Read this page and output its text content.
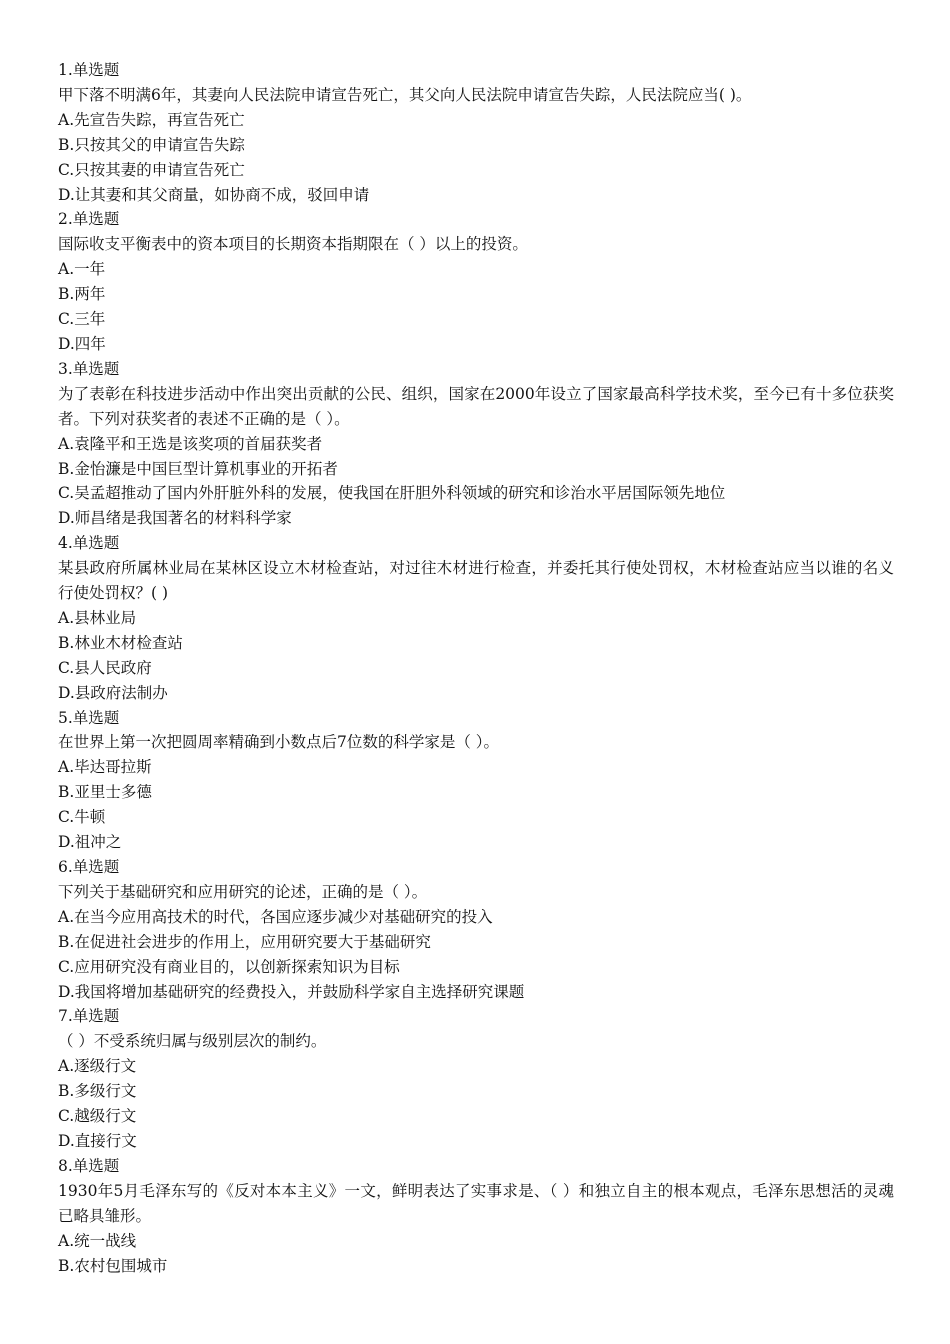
1.单选题

甲下落不明满6年，其妻向人民法院申请宣告死亡，其父向人民法院申请宣告失踪，人民法院应当( )。

A.先宣告失踪，再宣告死亡

B.只按其父的申请宣告失踪

C.只按其妻的申请宣告死亡

D.让其妻和其父商量，如协商不成，驳回申请

2.单选题

国际收支平衡表中的资本项目的长期资本指期限在（ ）以上的投资。

A.一年

B.两年

C.三年

D.四年

3.单选题

为了表彰在科技进步活动中作出突出贡献的公民、组织，国家在2000年设立了国家最高科学技术奖，至今已有十多位获奖者。下列对获奖者的表述不正确的是（ ）。

A.袁隆平和王选是该奖项的首届获奖者

B.金怡濂是中国巨型计算机事业的开拓者

C.吴孟超推动了国内外肝脏外科的发展，使我国在肝胆外科领域的研究和诊治水平居国际领先地位

D.师昌绪是我国著名的材料科学家

4.单选题

某县政府所属林业局在某林区设立木材检查站，对过往木材进行检查，并委托其行使处罚权，木材检查站应当以谁的名义行使处罚权？( )

A.县林业局

B.林业木材检查站

C.县人民政府

D.县政府法制办

5.单选题

在世界上第一次把圆周率精确到小数点后7位数的科学家是（ ）。

A.毕达哥拉斯

B.亚里士多德

C.牛顿

D.祖冲之

6.单选题

下列关于基础研究和应用研究的论述，正确的是（ ）。

A.在当今应用高技术的时代，各国应逐步减少对基础研究的投入

B.在促进社会进步的作用上，应用研究要大于基础研究

C.应用研究没有商业目的，以创新探索知识为目标

D.我国将增加基础研究的经费投入，并鼓励科学家自主选择研究课题

7.单选题

（ ）不受系统归属与级别层次的制约。

A.逐级行文

B.多级行文

C.越级行文

D.直接行文

8.单选题

1930年5月毛泽东写的《反对本本主义》一文，鲜明表达了实事求是、（ ）和独立自主的根本观点，毛泽东思想活的灵魂已略具雏形。

A.统一战线

B.农村包围城市
